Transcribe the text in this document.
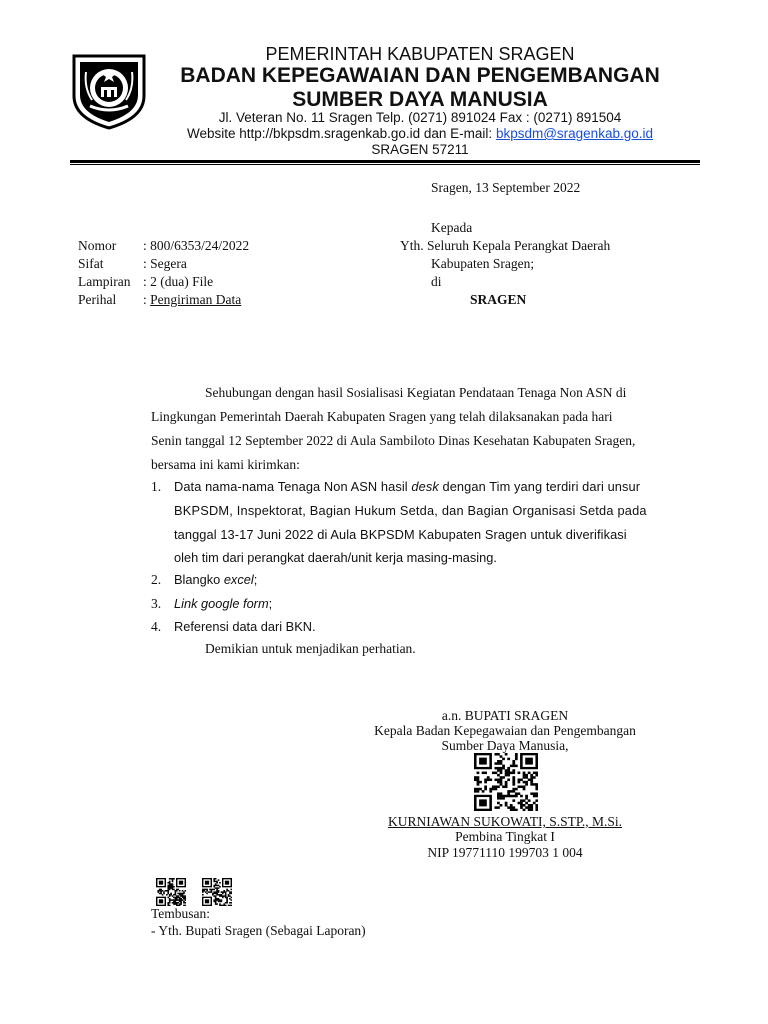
PEMERINTAH KABUPATEN SRAGEN
BADAN KEPEGAWAIAN DAN PENGEMBANGAN
SUMBER DAYA MANUSIA
Jl. Veteran No. 11 Sragen Telp. (0271) 891024 Fax : (0271) 891504
Website http://bkpsdm.sragenkab.go.id dan E-mail: bkpsdm@sragenkab.go.id
SRAGEN 57211
Sragen, 13 September 2022
Kepada
Yth. Seluruh Kepala Perangkat Daerah
Kabupaten Sragen;
di
SRAGEN
Nomor : 800/6353/24/2022
Sifat	: Segera
Lampiran : 2 (dua) File
Perihal : Pengiriman Data
Sehubungan dengan hasil Sosialisasi Kegiatan Pendataan Tenaga Non ASN di
Lingkungan Pemerintah Daerah Kabupaten Sragen yang telah dilaksanakan pada hari
Senin tanggal 12 September 2022 di Aula Sambiloto Dinas Kesehatan Kabupaten Sragen,
bersama ini kami kirimkan:
1. Data nama-nama Tenaga Non ASN hasil desk dengan Tim yang terdiri dari unsur
BKPSDM, Inspektorat, Bagian Hukum Setda, dan Bagian Organisasi Setda pada
tanggal 13-17 Juni 2022 di Aula BKPSDM Kabupaten Sragen untuk diverifikasi
oleh tim dari perangkat daerah/unit kerja masing-masing.
2. Blangko excel;
3. Link google form;
4. Referensi data dari BKN.
Demikian untuk menjadikan perhatian.
a.n. BUPATI SRAGEN
Kepala Badan Kepegawaian dan Pengembangan
Sumber Daya Manusia,
KURNIAWAN SUKOWATI, S.STP., M.Si.
Pembina Tingkat I
NIP 19771110 199703 1 004
Tembusan:
- Yth. Bupati Sragen (Sebagai Laporan)
